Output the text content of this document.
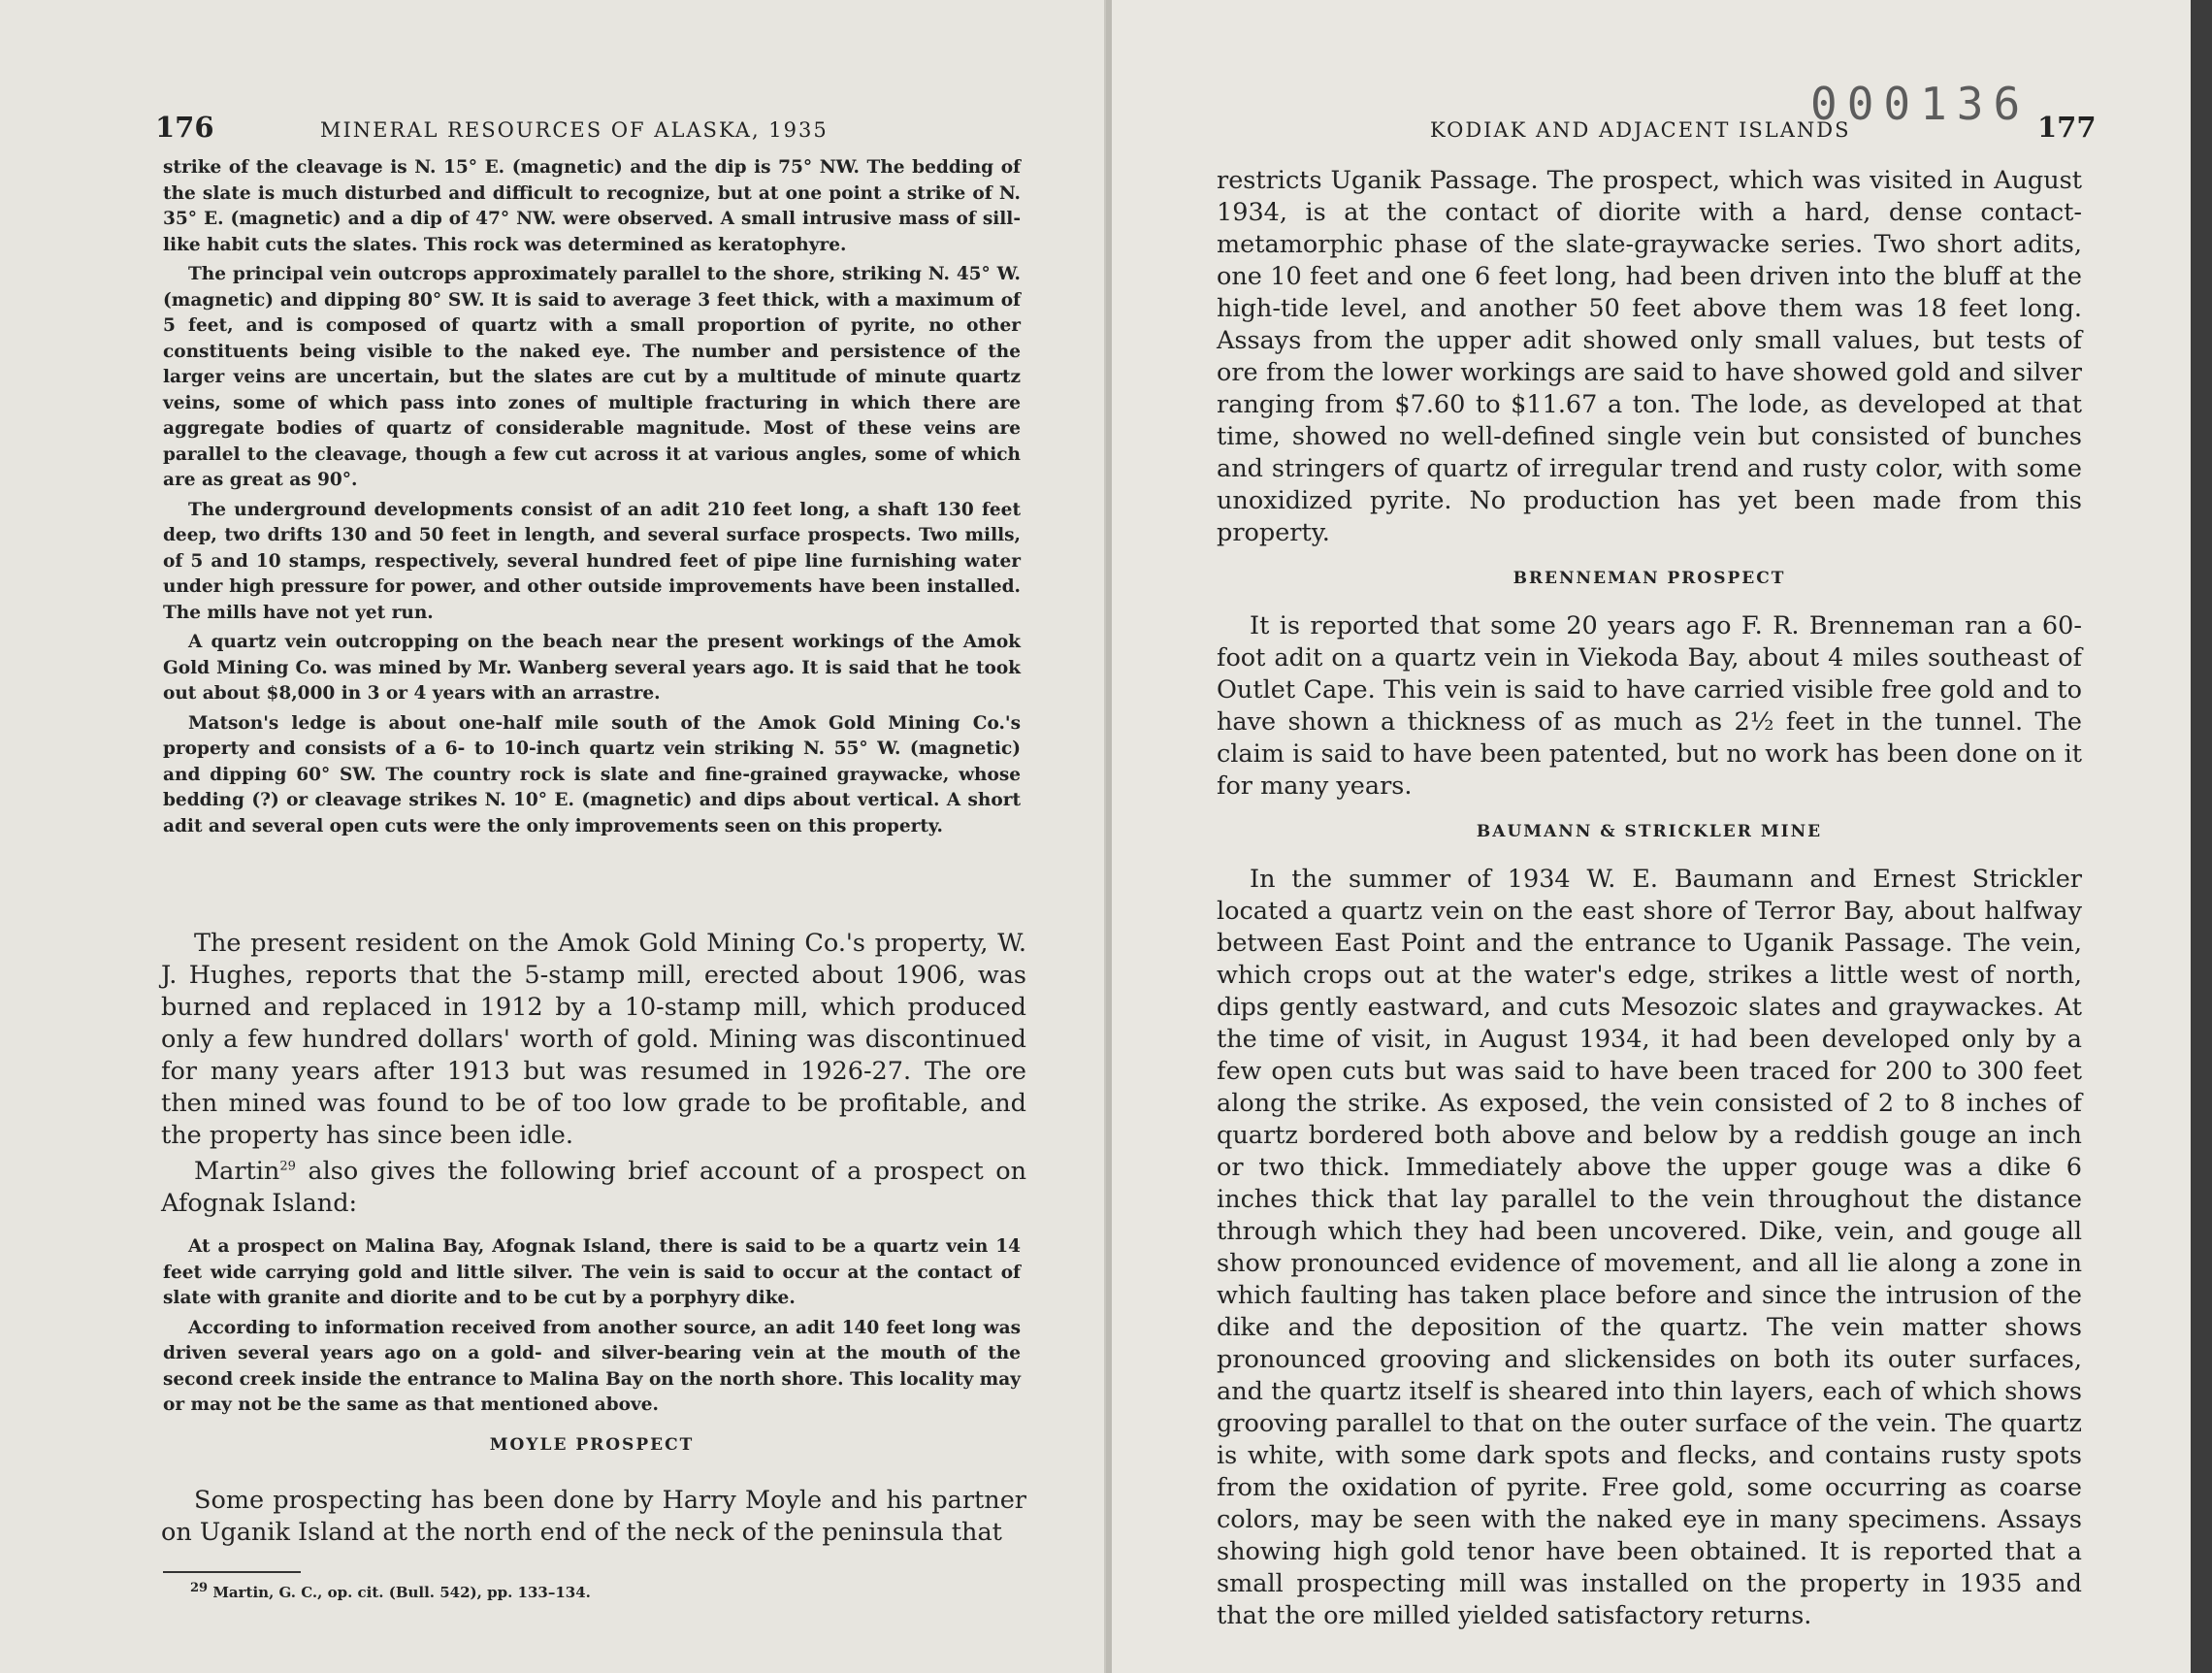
176	MINERAL RESOURCES OF ALASKA, 1935

strike of the cleavage is N. 15° E. (magnetic) and the dip is 75° NW. The bedding of the slate is much disturbed and difficult to recognize, but at one point a strike of N. 35° E. (magnetic) and a dip of 47° NW. were observed. A small intrusive mass of sill-like habit cuts the slates. This rock was determined as keratophyre.

The principal vein outcrops approximately parallel to the shore, striking N. 45° W. (magnetic) and dipping 80° SW. It is said to average 3 feet thick, with a maximum of 5 feet, and is composed of quartz with a small proportion of pyrite, no other constituents being visible to the naked eye. The number and persistence of the larger veins are uncertain, but the slates are cut by a multitude of minute quartz veins, some of which pass into zones of multiple fracturing in which there are aggregate bodies of quartz of considerable magnitude. Most of these veins are parallel to the cleavage, though a few cut across it at various angles, some of which are as great as 90°.

The underground developments consist of an adit 210 feet long, a shaft 130 feet deep, two drifts 130 and 50 feet in length, and several surface prospects. Two mills, of 5 and 10 stamps, respectively, several hundred feet of pipe line furnishing water under high pressure for power, and other outside improvements have been installed. The mills have not yet run.

A quartz vein outcropping on the beach near the present workings of the Amok Gold Mining Co. was mined by Mr. Wanberg several years ago. It is said that he took out about $8,000 in 3 or 4 years with an arrastre.

Matson's ledge is about one-half mile south of the Amok Gold Mining Co.'s property and consists of a 6- to 10-inch quartz vein striking N. 55° W. (magnetic) and dipping 60° SW. The country rock is slate and fine-grained graywacke, whose bedding (?) or cleavage strikes N. 10° E. (magnetic) and dips about vertical. A short adit and several open cuts were the only improvements seen on this property.

The present resident on the Amok Gold Mining Co.'s property, W. J. Hughes, reports that the 5-stamp mill, erected about 1906, was burned and replaced in 1912 by a 10-stamp mill, which produced only a few hundred dollars' worth of gold. Mining was discontinued for many years after 1913 but was resumed in 1926-27. The ore then mined was found to be of too low grade to be profitable, and the property has since been idle.

Martin$^{29}$ also gives the following brief account of a prospect on Afognak Island:

At a prospect on Malina Bay, Afognak Island, there is said to be a quartz vein 14 feet wide carrying gold and little silver. The vein is said to occur at the contact of slate with granite and diorite and to be cut by a porphyry dike.

According to information received from another source, an adit 140 feet long was driven several years ago on a gold- and silver-bearing vein at the mouth of the second creek inside the entrance to Malina Bay on the north shore. This locality may or may not be the same as that mentioned above.

MOYLE PROSPECT

Some prospecting has been done by Harry Moyle and his partner on Uganik Island at the north end of the neck of the peninsula that

$^{29}$ Martin, G. C., op. cit. (Bull. 542), pp. 133–134.
000136
KODIAK AND ADJACENT ISLANDS	177

restricts Uganik Passage. The prospect, which was visited in August 1934, is at the contact of diorite with a hard, dense contact-metamorphic phase of the slate-graywacke series. Two short adits, one 10 feet and one 6 feet long, had been driven into the bluff at the high-tide level, and another 50 feet above them was 18 feet long. Assays from the upper adit showed only small values, but tests of ore from the lower workings are said to have showed gold and silver ranging from $7.60 to $11.67 a ton. The lode, as developed at that time, showed no well-defined single vein but consisted of bunches and stringers of quartz of irregular trend and rusty color, with some unoxidized pyrite. No production has yet been made from this property.

BRENNEMAN PROSPECT

It is reported that some 20 years ago F. R. Brenneman ran a 60-foot adit on a quartz vein in Viekoda Bay, about 4 miles southeast of Outlet Cape. This vein is said to have carried visible free gold and to have shown a thickness of as much as 2½ feet in the tunnel. The claim is said to have been patented, but no work has been done on it for many years.

BAUMANN & STRICKLER MINE

In the summer of 1934 W. E. Baumann and Ernest Strickler located a quartz vein on the east shore of Terror Bay, about halfway between East Point and the entrance to Uganik Passage. The vein, which crops out at the water's edge, strikes a little west of north, dips gently eastward, and cuts Mesozoic slates and graywackes. At the time of visit, in August 1934, it had been developed only by a few open cuts but was said to have been traced for 200 to 300 feet along the strike. As exposed, the vein consisted of 2 to 8 inches of quartz bordered both above and below by a reddish gouge an inch or two thick. Immediately above the upper gouge was a dike 6 inches thick that lay parallel to the vein throughout the distance through which they had been uncovered. Dike, vein, and gouge all show pronounced evidence of movement, and all lie along a zone in which faulting has taken place before and since the intrusion of the dike and the deposition of the quartz. The vein matter shows pronounced grooving and slickensides on both its outer surfaces, and the quartz itself is sheared into thin layers, each of which shows grooving parallel to that on the outer surface of the vein. The quartz is white, with some dark spots and flecks, and contains rusty spots from the oxidation of pyrite. Free gold, some occurring as coarse colors, may be seen with the naked eye in many specimens. Assays showing high gold tenor have been obtained. It is reported that a small prospecting mill was installed on the property in 1935 and that the ore milled yielded satisfactory returns.
